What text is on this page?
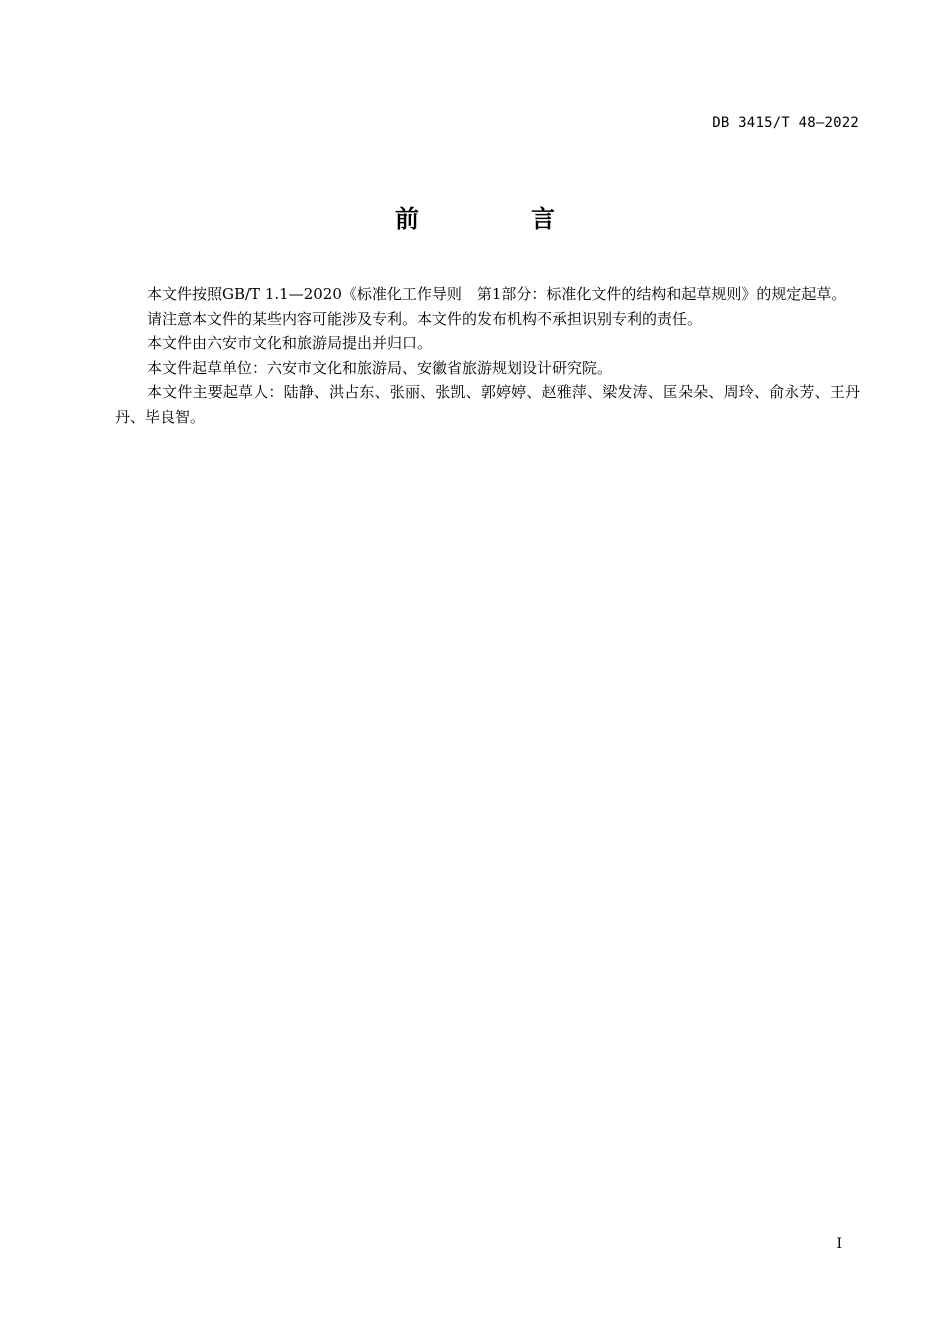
DB 3415/T 48—2022
前　言

本文件按照GB/T 1.1—2020《标准化工作导则　第1部分：标准化文件的结构和起草规则》的规定起草。

请注意本文件的某些内容可能涉及专利。本文件的发布机构不承担识别专利的责任。

本文件由六安市文化和旅游局提出并归口。

本文件起草单位：六安市文化和旅游局、安徽省旅游规划设计研究院。

本文件主要起草人：陆静、洪占东、张丽、张凯、郭婷婷、赵雅萍、梁发涛、匡朵朵、周玲、俞永芳、王丹丹、毕良智。

I
